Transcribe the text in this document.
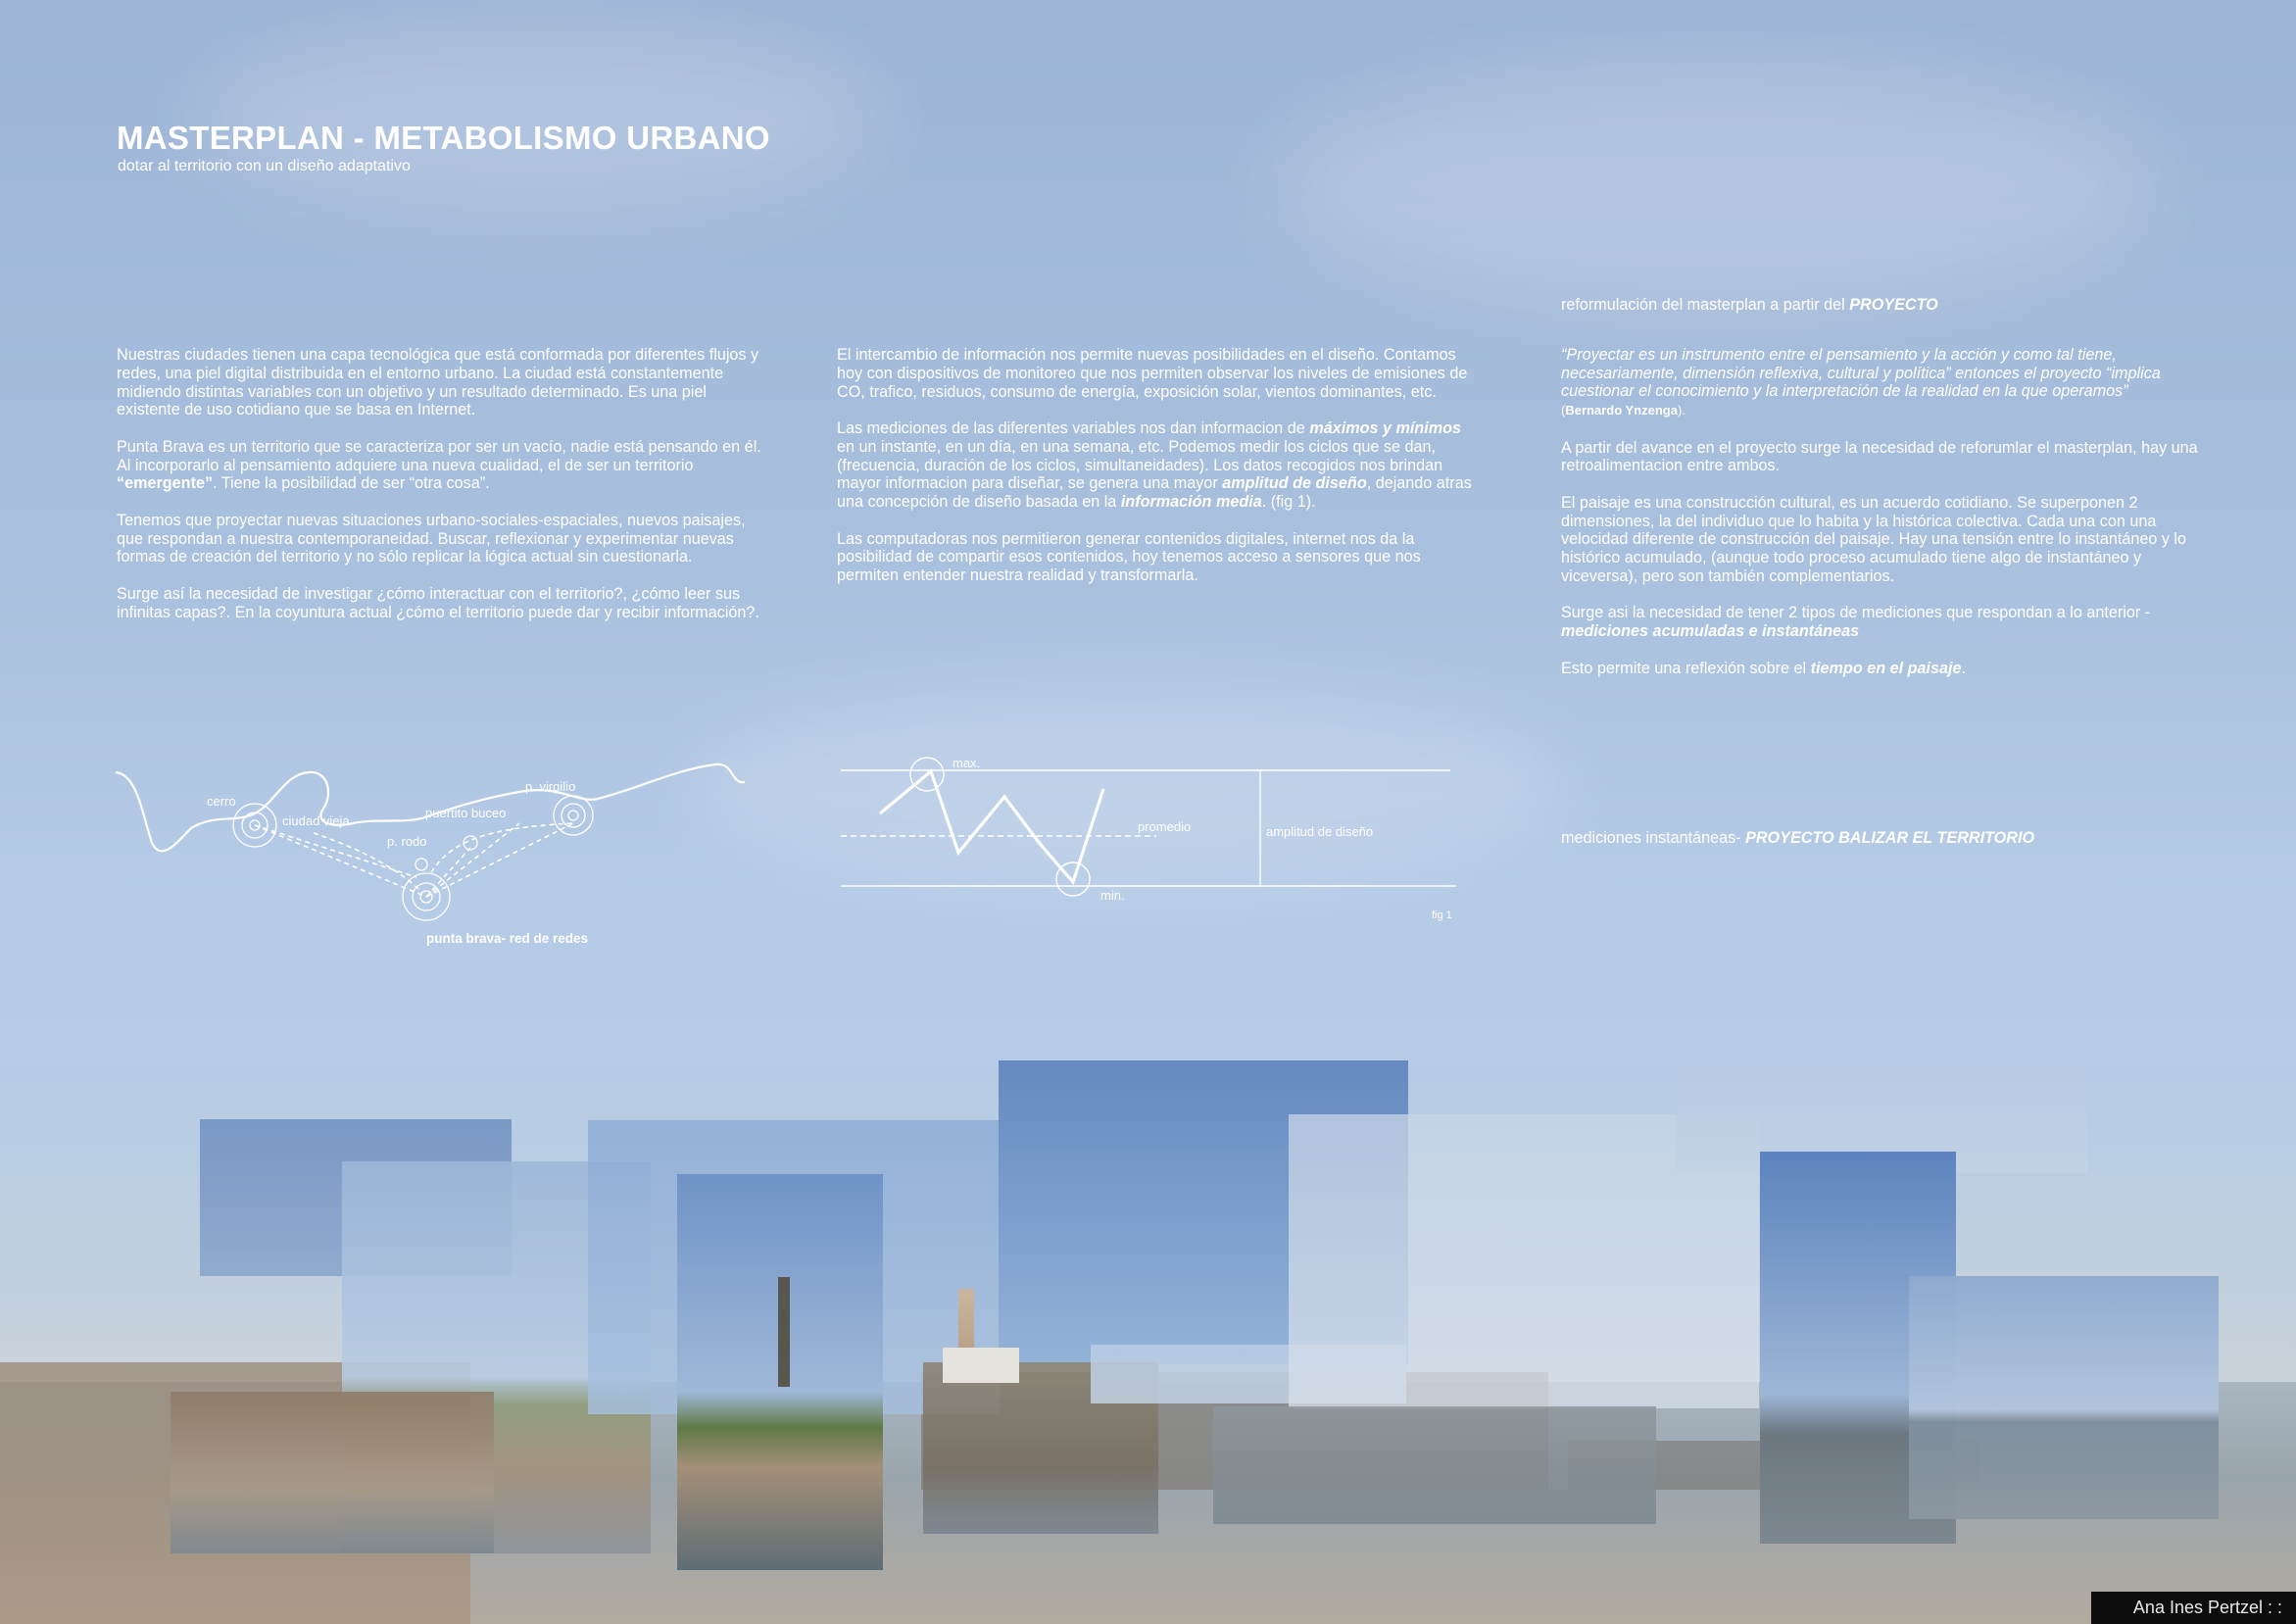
MASTERPLAN - METABOLISMO URBANO
dotar al territorio con un diseño adaptativo

Nuestras ciudades tienen una capa tecnológica que está conformada por diferentes flujos y redes, una piel digital distribuida en el entorno urbano. La ciudad está constantemente midiendo distintas variables con un objetivo y un resultado determinado. Es una piel existente de uso cotidiano que se basa en Internet.

Punta Brava es un territorio que se caracteriza por ser un vacío, nadie está pensando en él. Al incorporarlo al pensamiento adquiere una nueva cualidad, el de ser un territorio “emergente”. Tiene la posibilidad de ser “otra cosa”.

Tenemos que proyectar nuevas situaciones urbano-sociales-espaciales, nuevos paisajes, que respondan a nuestra contemporaneidad. Buscar, reflexionar y experimentar nuevas formas de creación del territorio y no sólo replicar la lógica actual sin cuestionarla.

Surge así la necesidad de investigar ¿cómo interactuar con el territorio?, ¿cómo leer sus infinitas capas?. En la coyuntura actual ¿cómo el territorio puede dar y recibir información?.

El intercambio de información nos permite nuevas posibilidades en el diseño. Contamos hoy con dispositivos de monitoreo que nos permiten observar los niveles de emisiones de CO, trafico, residuos, consumo de energía, exposición solar, vientos dominantes, etc.

Las mediciones de las diferentes variables nos dan informacion de máximos y mínimos en un instante, en un día, en una semana, etc. Podemos medir los ciclos que se dan, (frecuencia, duración de los ciclos, simultaneidades). Los datos recogidos nos brindan mayor informacion para diseñar, se genera una mayor amplitud de diseño, dejando atras una concepción de diseño basada en la información media. (fig 1).

Las computadoras nos permitieron generar contenidos digitales, internet nos da la posibilidad de compartir esos contenidos, hoy tenemos acceso a sensores que nos permiten entender nuestra realidad y transformarla.

reformulación del masterplan a partir del PROYECTO

“Proyectar es un instrumento entre el pensamiento y la acción y como tal tiene, necesariamente, dimensión reflexiva, cultural y política” entonces el proyecto “implica cuestionar el conocimiento y la interpretación de la realidad en la que operamos”
(Bernardo Ynzenga).

A partir del avance en el proyecto surge la necesidad de reforumlar el masterplan, hay una retroalimentacion entre ambos.

El paisaje es una construcción cultural, es un acuerdo cotidiano. Se superponen 2 dimensiones, la del individuo que lo habita y la histórica colectiva. Cada una con una velocidad diferente de construcción del paisaje. Hay una tensión entre lo instantáneo y lo histórico acumulado, (aunque todo proceso acumulado tiene algo de instantáneo y viceversa), pero son también complementarios.

Surge asi la necesidad de tener 2 tipos de mediciones que respondan a lo anterior -
mediciones acumuladas e instantáneas

Esto permite una reflexión sobre el tiempo en el paisaje.

mediciones instantáneas- PROYECTO BALIZAR EL TERRITORIO
cerro
ciudad vieja
puertito buceo
p. rodo
p. virgilio
punta brava- red de redes
max.
min.
promedio	amplitud de diseño
fig 1
Ana Ines Pertzel : :
